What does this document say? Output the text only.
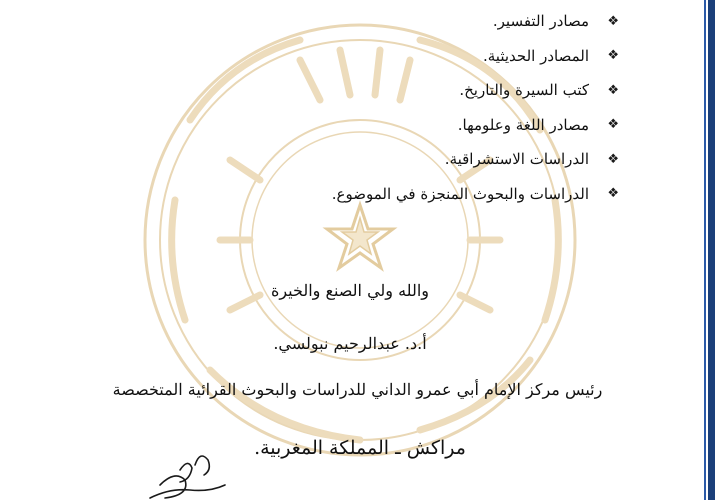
❖
مصادر التفسير.
❖
المصادر الحديثية.
❖
كتب السيرة والتاريخ.
❖
مصادر اللغة وعلومها.
❖
الدراسات الاستشراقية.
❖
الدراسات والبحوث المنجزة في الموضوع.
والله ولي الصنع والخيرة
أ.د. عبدالرحيم نبولسي.
رئيس مركز الإمام أبي عمرو الداني للدراسات والبحوث القرائية المتخصصة
مراكش ـ المملكة المغربية.
